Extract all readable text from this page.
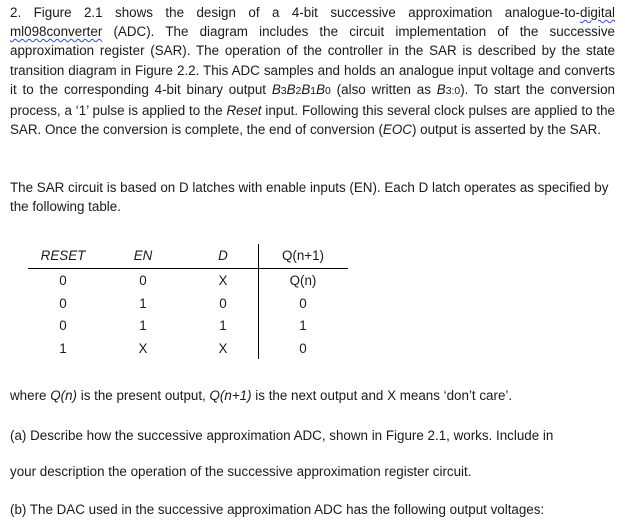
2. Figure 2.1 shows the design of a 4-bit successive approximation analogue-to-digital ml098converter (ADC). The diagram includes the circuit implementation of the successive approximation register (SAR). The operation of the controller in the SAR is described by the state transition diagram in Figure 2.2. This ADC samples and holds an analogue input voltage and converts it to the corresponding 4-bit binary output B3B2B1B0 (also written as B3:0). To start the conversion process, a ‘1’ pulse is applied to the Reset input. Following this several clock pulses are applied to the SAR. Once the conversion is complete, the end of conversion (EOC) output is asserted by the SAR.

The SAR circuit is based on D latches with enable inputs (EN). Each D latch operates as specified by the following table.

RESET	EN	D	Q(n+1)
0	0	X	Q(n)
0	1	0	0
0	1	1	1
1	X	X	0

where Q(n) is the present output, Q(n+1) is the next output and X means ‘don’t care’.

(a) Describe how the successive approximation ADC, shown in Figure 2.1, works. Include in

your description the operation of the successive approximation register circuit.

(b) The DAC used in the successive approximation ADC has the following output voltages:
